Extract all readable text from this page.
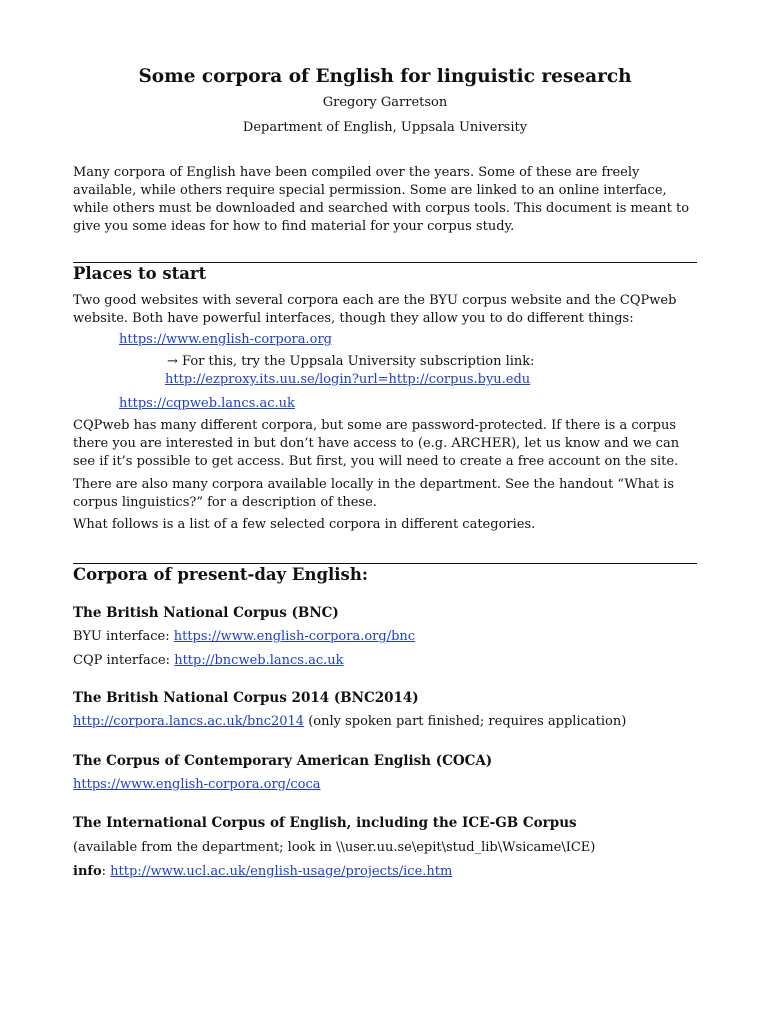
Some corpora of English for linguistic research
Gregory Garretson
Department of English, Uppsala University

Many corpora of English have been compiled over the years. Some of these are freely available, while others require special permission. Some are linked to an online interface, while others must be downloaded and searched with corpus tools. This document is meant to give you some ideas for how to find material for your corpus study.

Places to start

Two good websites with several corpora each are the BYU corpus website and the CQPweb website. Both have powerful interfaces, though they allow you to do different things:

https://www.english-corpora.org
→ For this, try the Uppsala University subscription link:
http://ezproxy.its.uu.se/login?url=http://corpus.byu.edu
https://cqpweb.lancs.ac.uk

CQPweb has many different corpora, but some are password-protected. If there is a corpus there you are interested in but don’t have access to (e.g. ARCHER), let us know and we can see if it’s possible to get access. But first, you will need to create a free account on the site.

There are also many corpora available locally in the department. See the handout “What is corpus linguistics?” for a description of these.

What follows is a list of a few selected corpora in different categories.

Corpora of present-day English:

The British National Corpus (BNC)

BYU interface: https://www.english-corpora.org/bnc
CQP interface: http://bncweb.lancs.ac.uk

The British National Corpus 2014 (BNC2014)

http://corpora.lancs.ac.uk/bnc2014 (only spoken part finished; requires application)

The Corpus of Contemporary American English (COCA)

https://www.english-corpora.org/coca

The International Corpus of English, including the ICE-GB Corpus

(available from the department; look in \\user.uu.se\epit\stud_lib\Wsicame\ICE)
info: http://www.ucl.ac.uk/english-usage/projects/ice.htm
